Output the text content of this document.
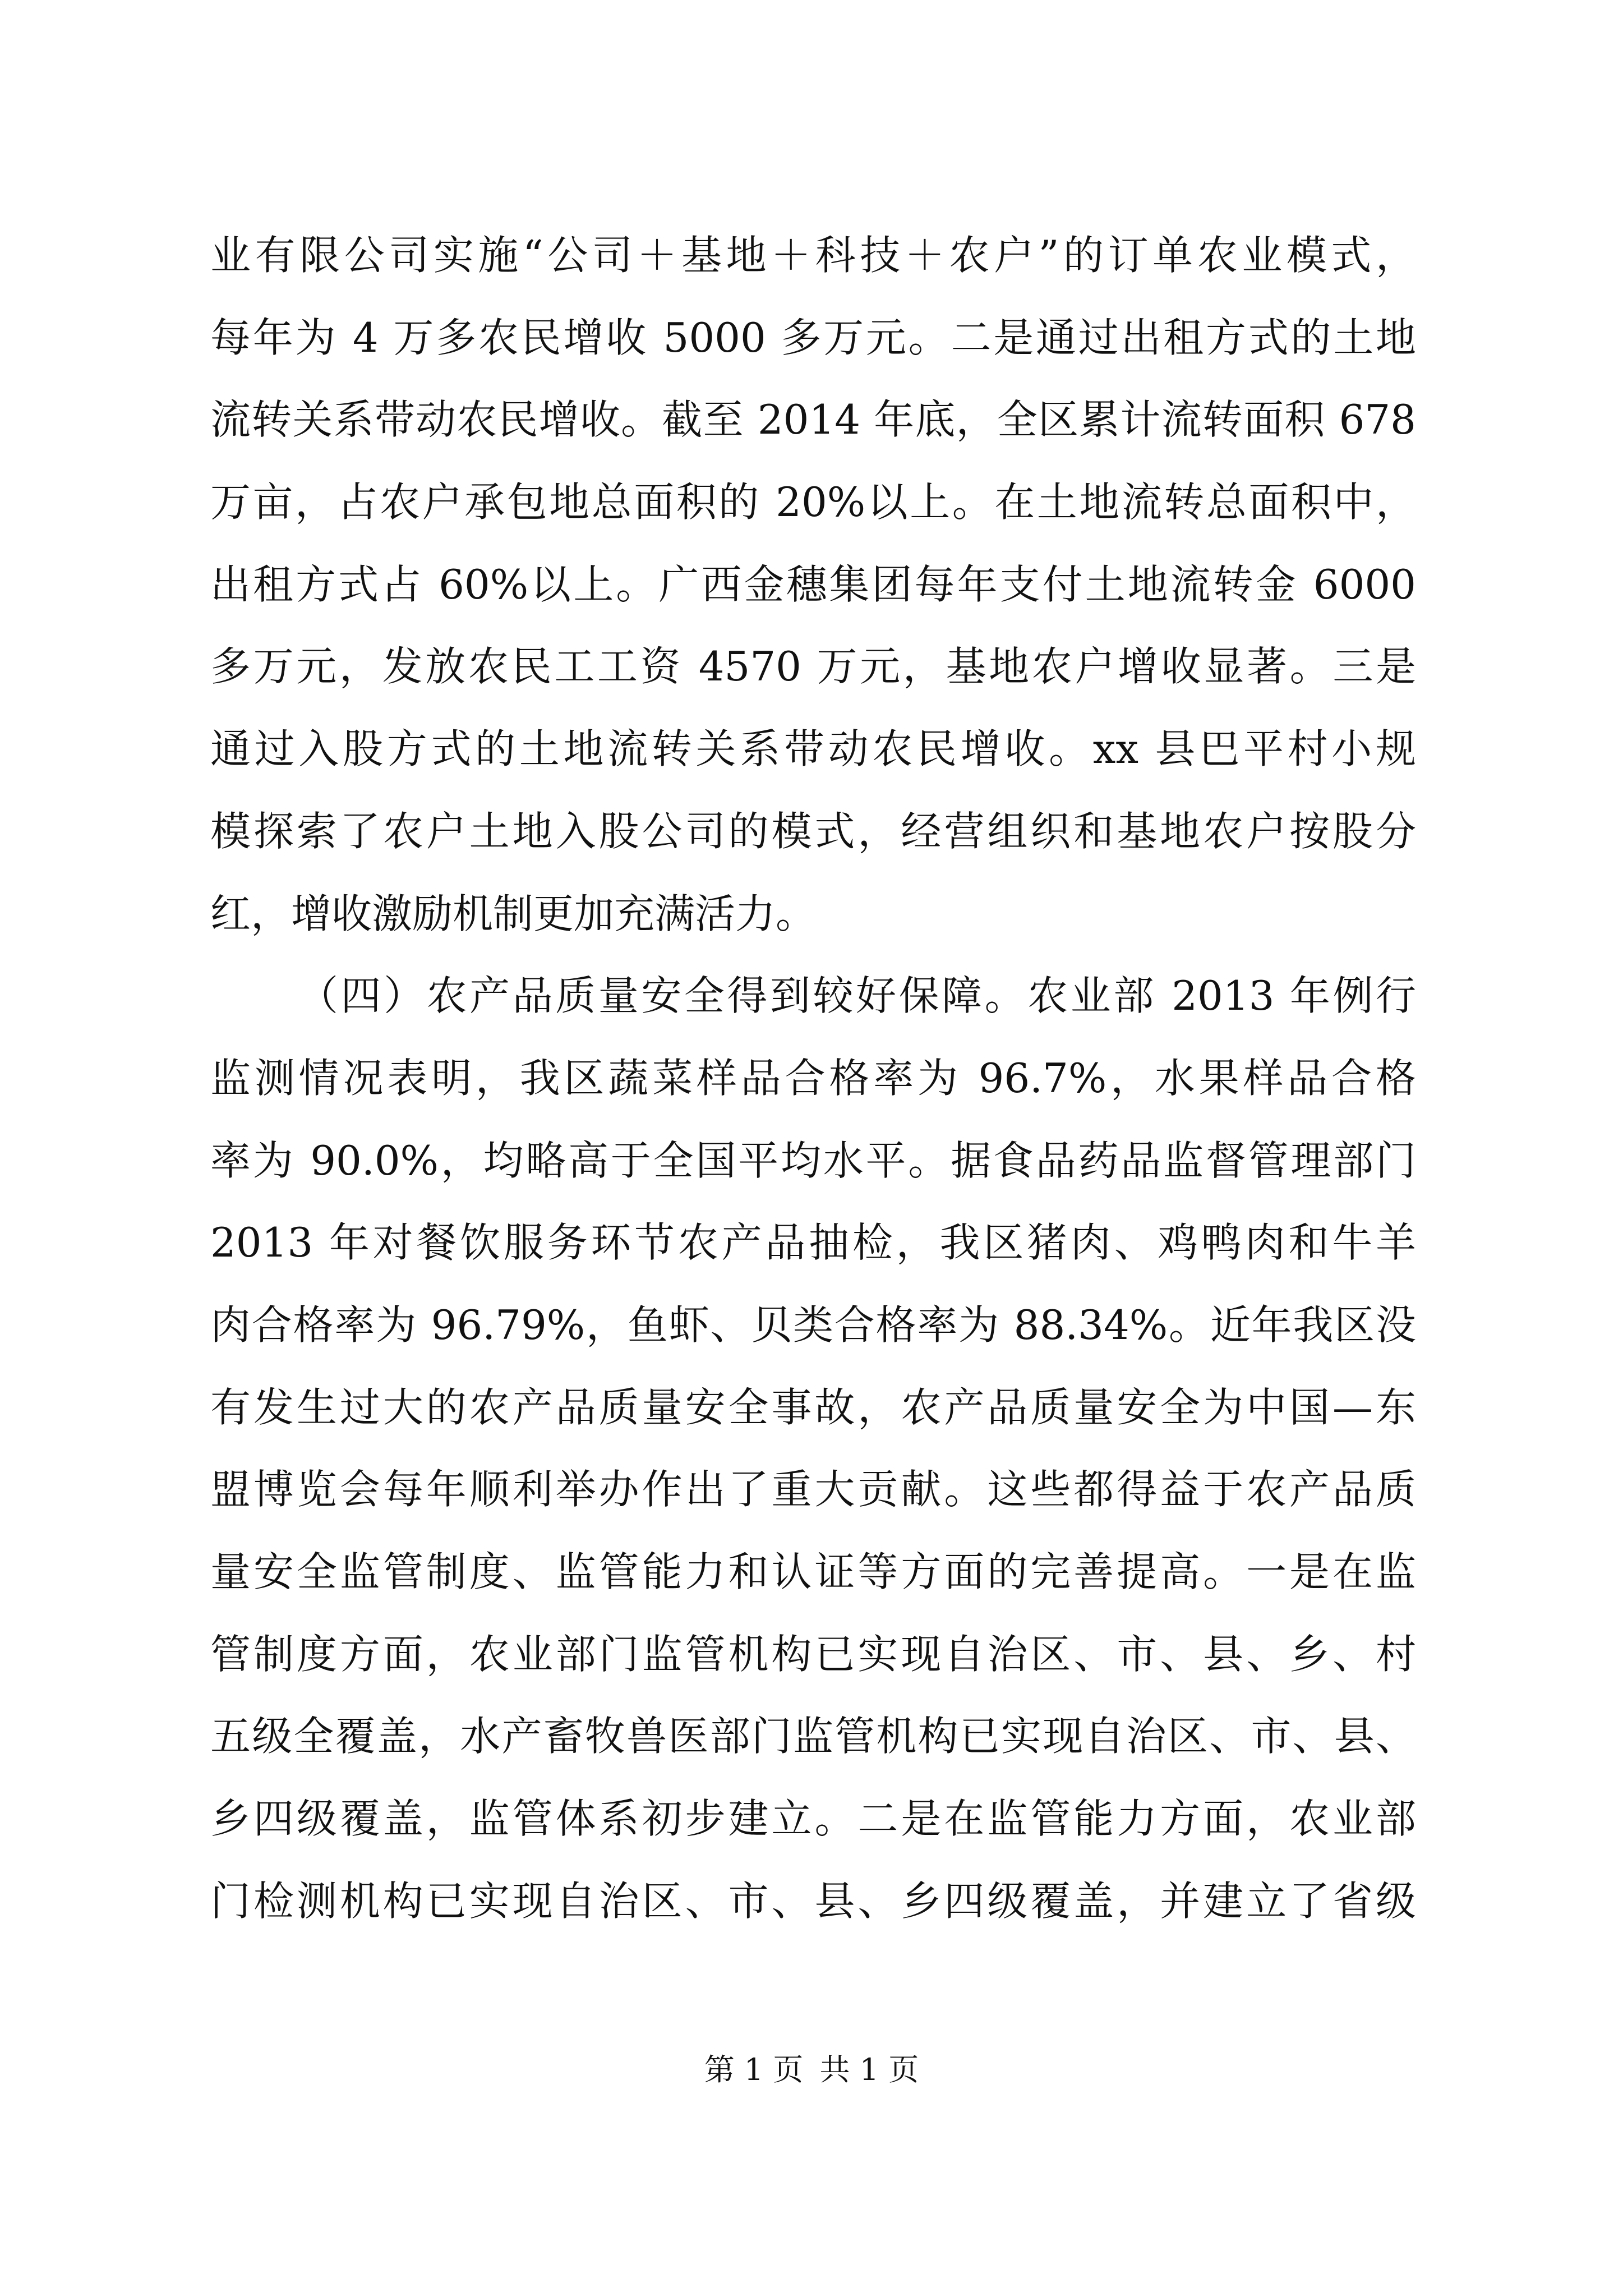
业有限公司实施“公司＋基地＋科技＋农户”的订单农业模式，
每年为 4 万多农民增收 5000 多万元。二是通过出租方式的土地
流转关系带动农民增收。截至 2014 年底，全区累计流转面积 678
万亩，占农户承包地总面积的 20%以上。在土地流转总面积中，
出租方式占 60%以上。广西金穗集团每年支付土地流转金 6000
多万元，发放农民工工资 4570 万元，基地农户增收显著。三是
通过入股方式的土地流转关系带动农民增收。xx 县巴平村小规
模探索了农户土地入股公司的模式，经营组织和基地农户按股分
红，增收激励机制更加充满活力。
（四）农产品质量安全得到较好保障。农业部 2013 年例行
监测情况表明，我区蔬菜样品合格率为 96.7%，水果样品合格
率为 90.0%，均略高于全国平均水平。据食品药品监督管理部门
2013 年对餐饮服务环节农产品抽检，我区猪肉、鸡鸭肉和牛羊
肉合格率为 96.79%，鱼虾、贝类合格率为 88.34%。近年我区没
有发生过大的农产品质量安全事故，农产品质量安全为中国—东
盟博览会每年顺利举办作出了重大贡献。这些都得益于农产品质
量安全监管制度、监管能力和认证等方面的完善提高。一是在监
管制度方面，农业部门监管机构已实现自治区、市、县、乡、村
五级全覆盖，水产畜牧兽医部门监管机构已实现自治区、市、县、
乡四级覆盖，监管体系初步建立。二是在监管能力方面，农业部
门检测机构已实现自治区、市、县、乡四级覆盖，并建立了省级
第 1 页 共 1 页
